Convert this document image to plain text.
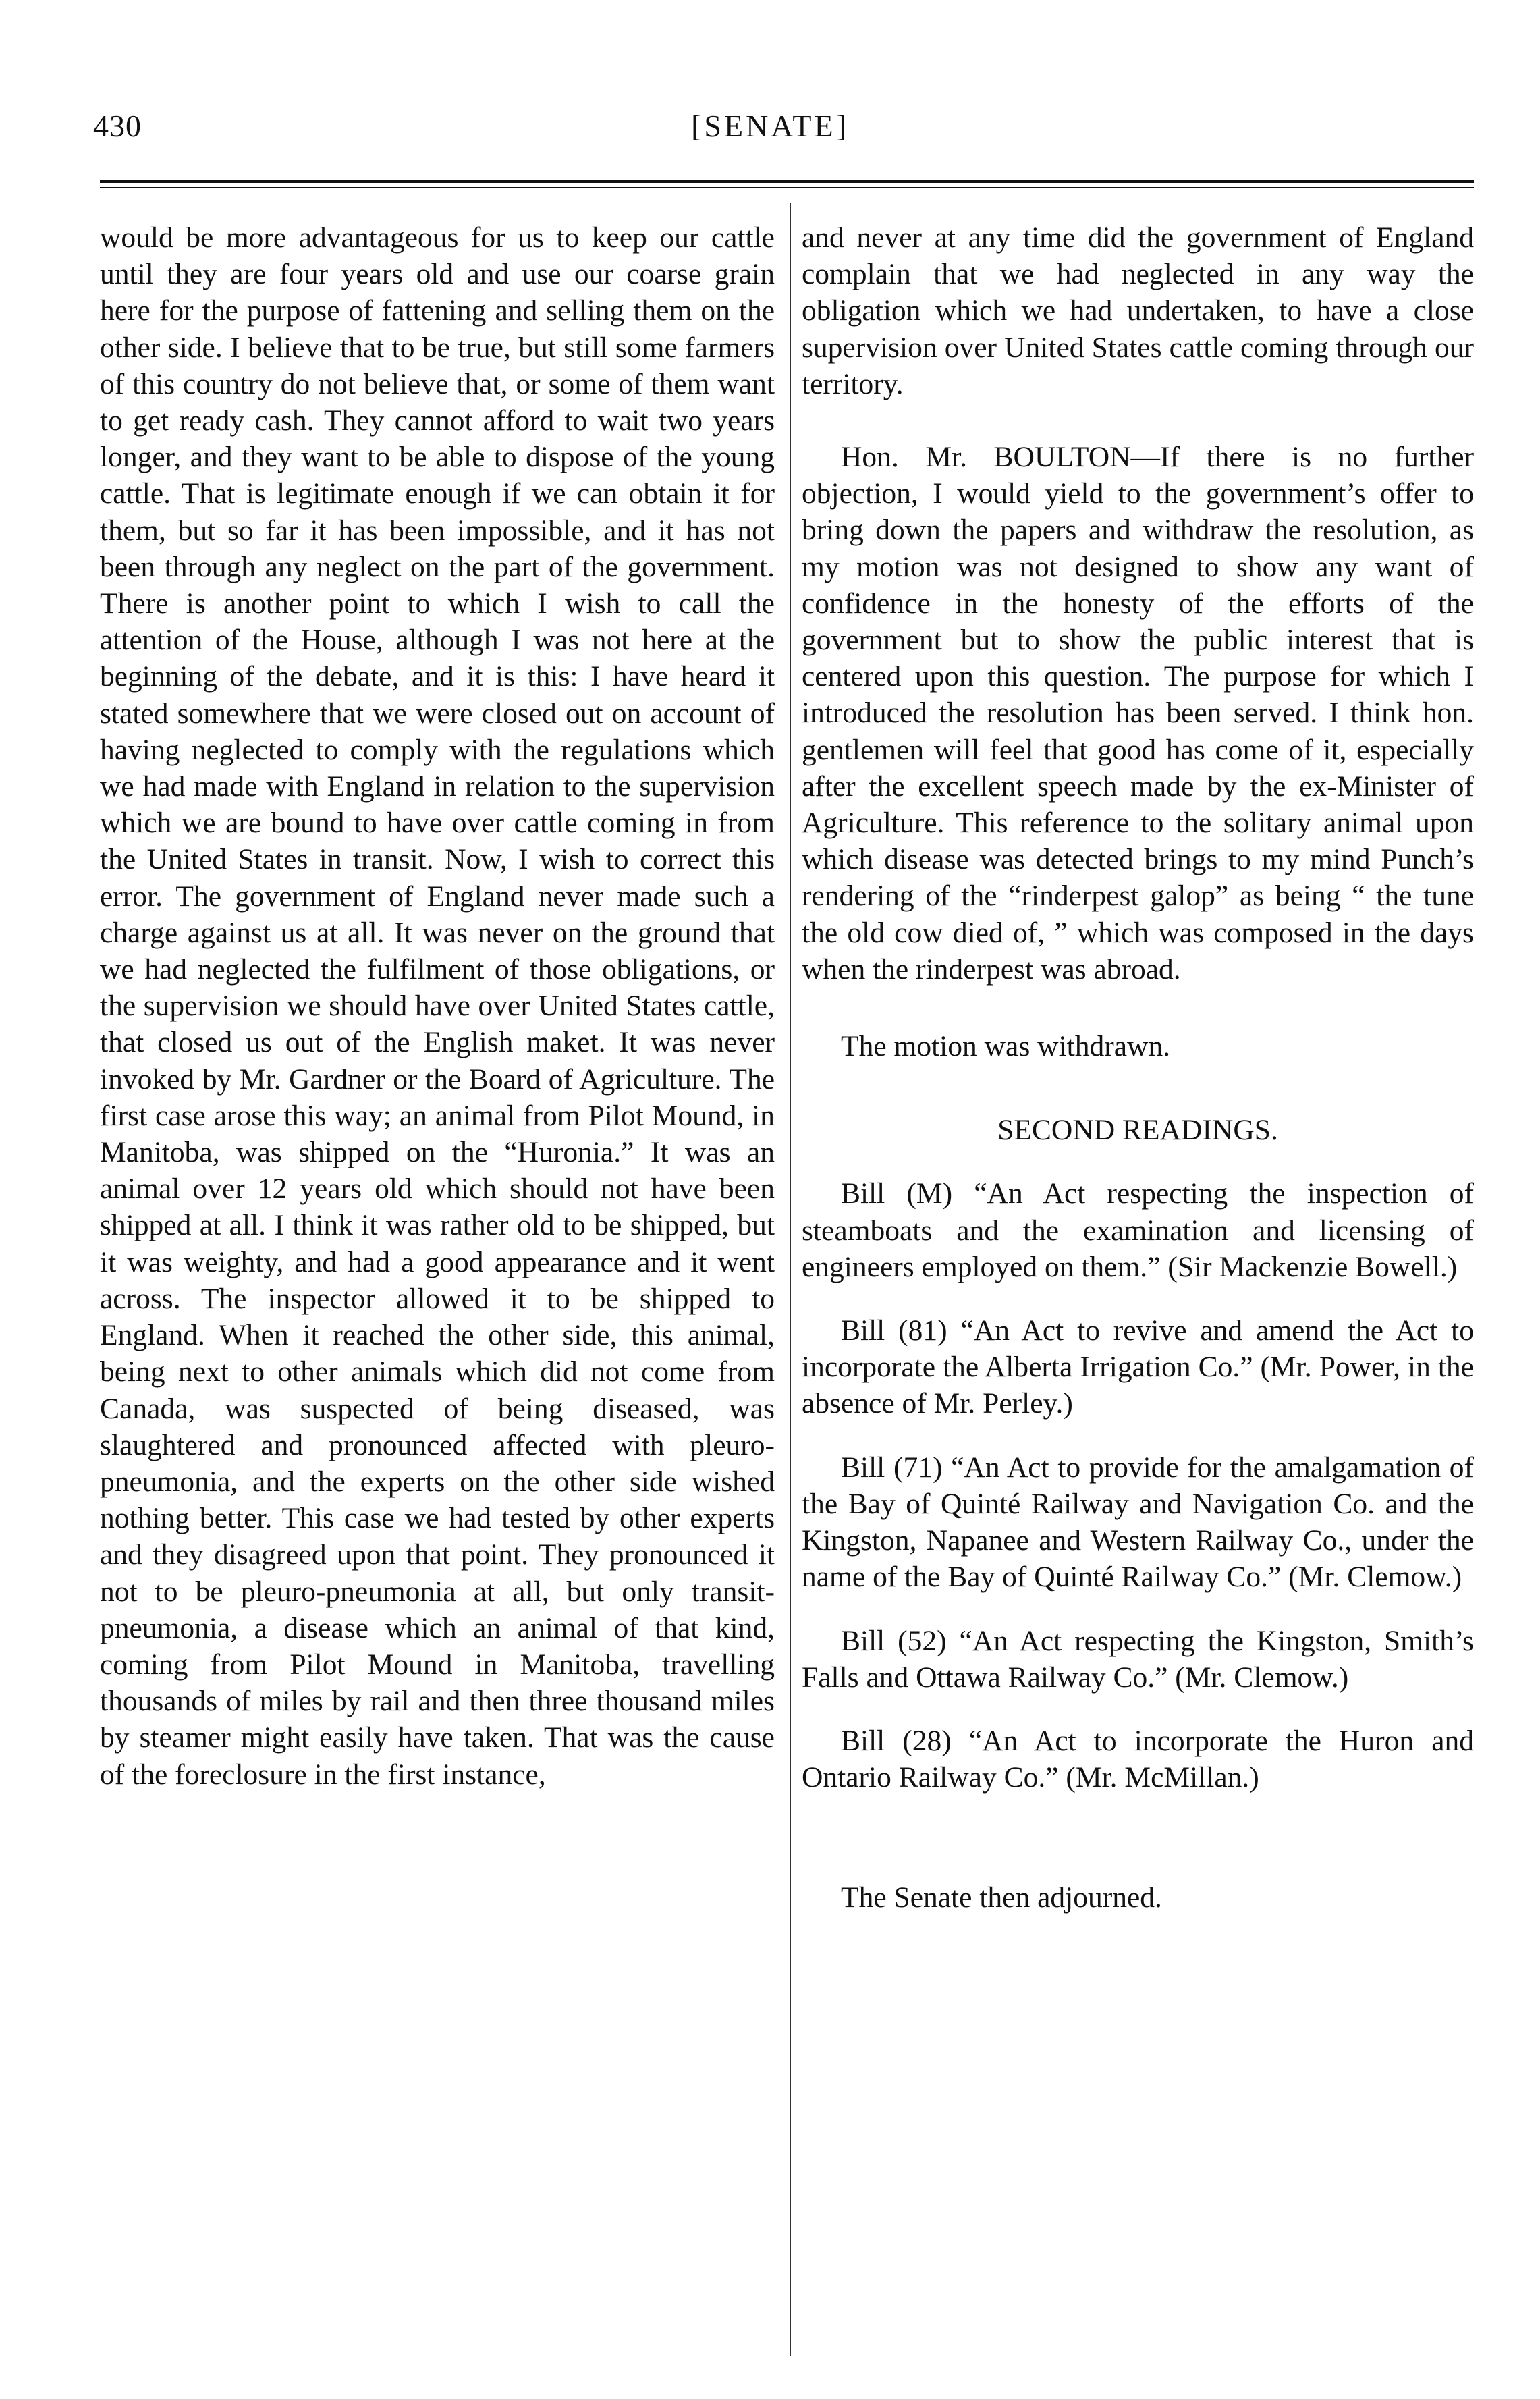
430	[SENATE]

would be more advantageous for us to keep our cattle until they are four years old and use our coarse grain here for the purpose of fattening and selling them on the other side. I believe that to be true, but still some farmers of this country do not believe that, or some of them want to get ready cash. They cannot afford to wait two years longer, and they want to be able to dispose of the young cattle. That is legitimate enough if we can obtain it for them, but so far it has been impossible, and it has not been through any neglect on the part of the government. There is another point to which I wish to call the attention of the House, although I was not here at the beginning of the debate, and it is this: I have heard it stated somewhere that we were closed out on account of having neglected to comply with the regulations which we had made with England in relation to the supervision which we are bound to have over cattle coming in from the United States in transit. Now, I wish to correct this error. The government of England never made such a charge against us at all. It was never on the ground that we had neglected the fulfilment of those obligations, or the supervision we should have over United States cattle, that closed us out of the English maket. It was never invoked by Mr. Gardner or the Board of Agriculture. The first case arose this way; an animal from Pilot Mound, in Manitoba, was shipped on the “Huronia.” It was an animal over 12 years old which should not have been shipped at all. I think it was rather old to be shipped, but it was weighty, and had a good appearance and it went across. The inspector allowed it to be shipped to England. When it reached the other side, this animal, being next to other animals which did not come from Canada, was suspected of being diseased, was slaughtered and pronounced affected with pleuro-pneumonia, and the experts on the other side wished nothing better. This case we had tested by other experts and they disagreed upon that point. They pronounced it not to be pleuro-pneumonia at all, but only transit-pneumonia, a disease which an animal of that kind, coming from Pilot Mound in Manitoba, travelling thousands of miles by rail and then three thousand miles by steamer might easily have taken. That was the cause of the foreclosure in the first instance,

and never at any time did the government of England complain that we had neglected in any way the obligation which we had undertaken, to have a close supervision over United States cattle coming through our territory.

Hon. Mr. BOULTON—If there is no further objection, I would yield to the government’s offer to bring down the papers and withdraw the resolution, as my motion was not designed to show any want of confidence in the honesty of the efforts of the government but to show the public interest that is centered upon this question. The purpose for which I introduced the resolution has been served. I think hon. gentlemen will feel that good has come of it, especially after the excellent speech made by the ex-Minister of Agriculture. This reference to the solitary animal upon which disease was detected brings to my mind Punch’s rendering of the “rinderpest galop” as being “ the tune the old cow died of, ” which was composed in the days when the rinderpest was abroad.

The motion was withdrawn.

SECOND READINGS.

Bill (M) “An Act respecting the inspection of steamboats and the examination and licensing of engineers employed on them.” (Sir Mackenzie Bowell.)

Bill (81) “An Act to revive and amend the Act to incorporate the Alberta Irrigation Co.” (Mr. Power, in the absence of Mr. Perley.)

Bill (71) “An Act to provide for the amalgamation of the Bay of Quinté Railway and Navigation Co. and the Kingston, Napanee and Western Railway Co., under the name of the Bay of Quinté Railway Co.” (Mr. Clemow.)

Bill (52) “An Act respecting the Kingston, Smith’s Falls and Ottawa Railway Co.” (Mr. Clemow.)

Bill (28) “An Act to incorporate the Huron and Ontario Railway Co.” (Mr. McMillan.)

The Senate then adjourned.
